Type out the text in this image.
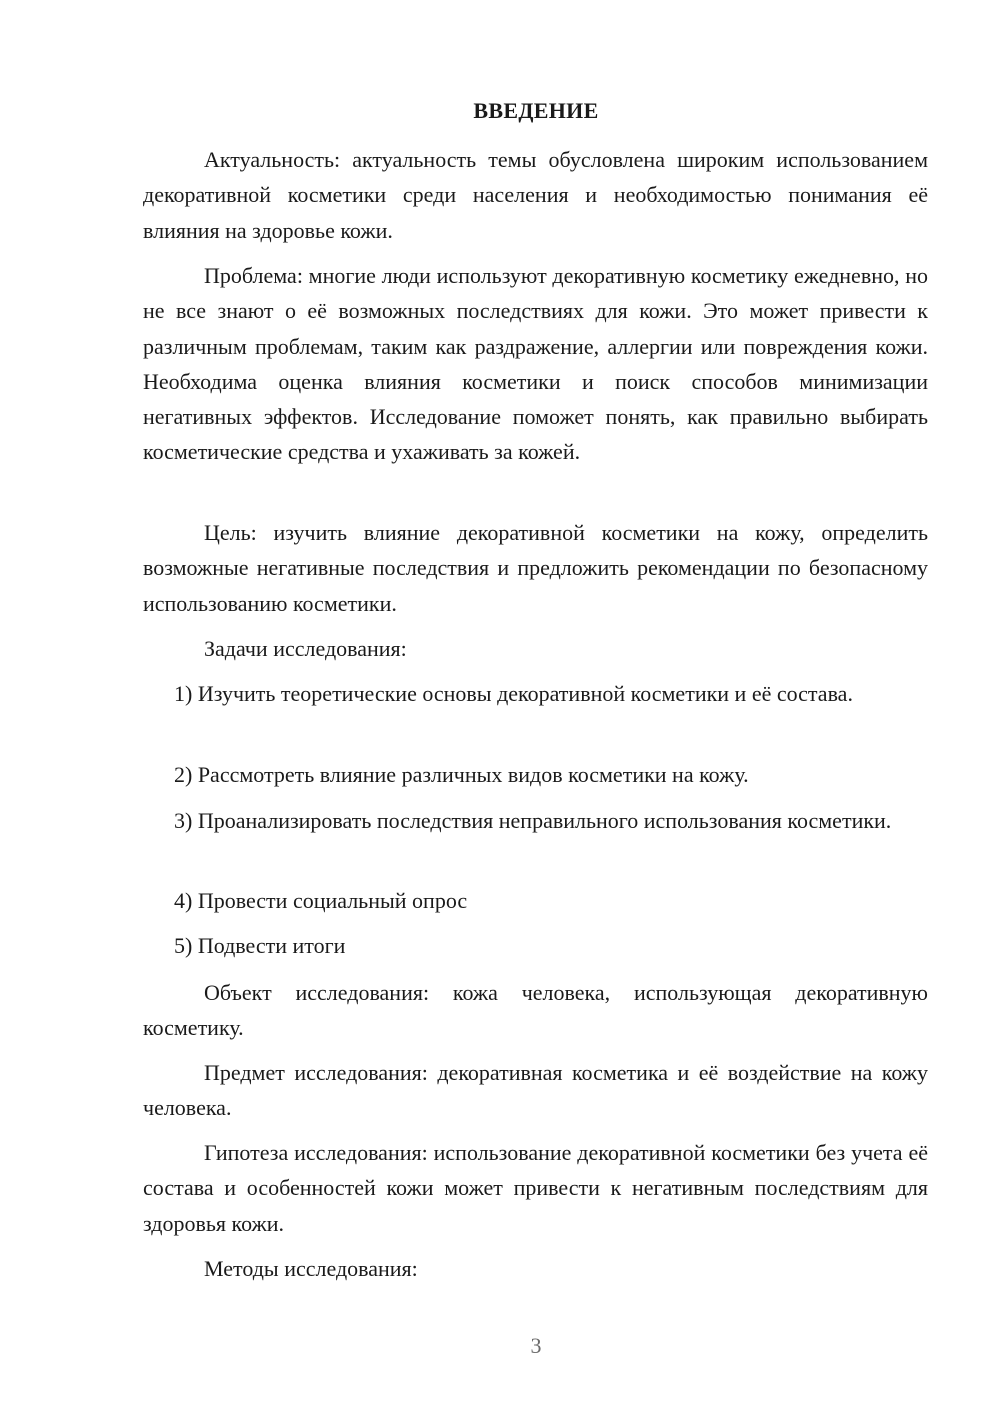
ВВЕДЕНИЕ
Актуальность: актуальность темы обусловлена широким использованием декоративной косметики среди населения и необходимостью понимания её влияния на здоровье кожи.
Проблема: многие люди используют декоративную косметику ежедневно, но не все знают о её возможных последствиях для кожи. Это может привести к различным проблемам, таким как раздражение, аллергии или повреждения кожи. Необходима оценка влияния косметики и поиск способов минимизации негативных эффектов. Исследование поможет понять, как правильно выбирать косметические средства и ухаживать за кожей.
Цель: изучить влияние декоративной косметики на кожу, определить возможные негативные последствия и предложить рекомендации по безопасному использованию косметики.
Задачи исследования:
1) Изучить теоретические основы декоративной косметики и её состава.
2) Рассмотреть влияние различных видов косметики на кожу.
3) Проанализировать последствия неправильного использования косметики.
4) Провести социальный опрос
5) Подвести итоги
Объект исследования: кожа человека, использующая декоративную косметику.
Предмет исследования: декоративная косметика и её воздействие на кожу человека.
Гипотеза исследования: использование декоративной косметики без учета её состава и особенностей кожи может привести к негативным последствиям для здоровья кожи.
Методы исследования:
3
